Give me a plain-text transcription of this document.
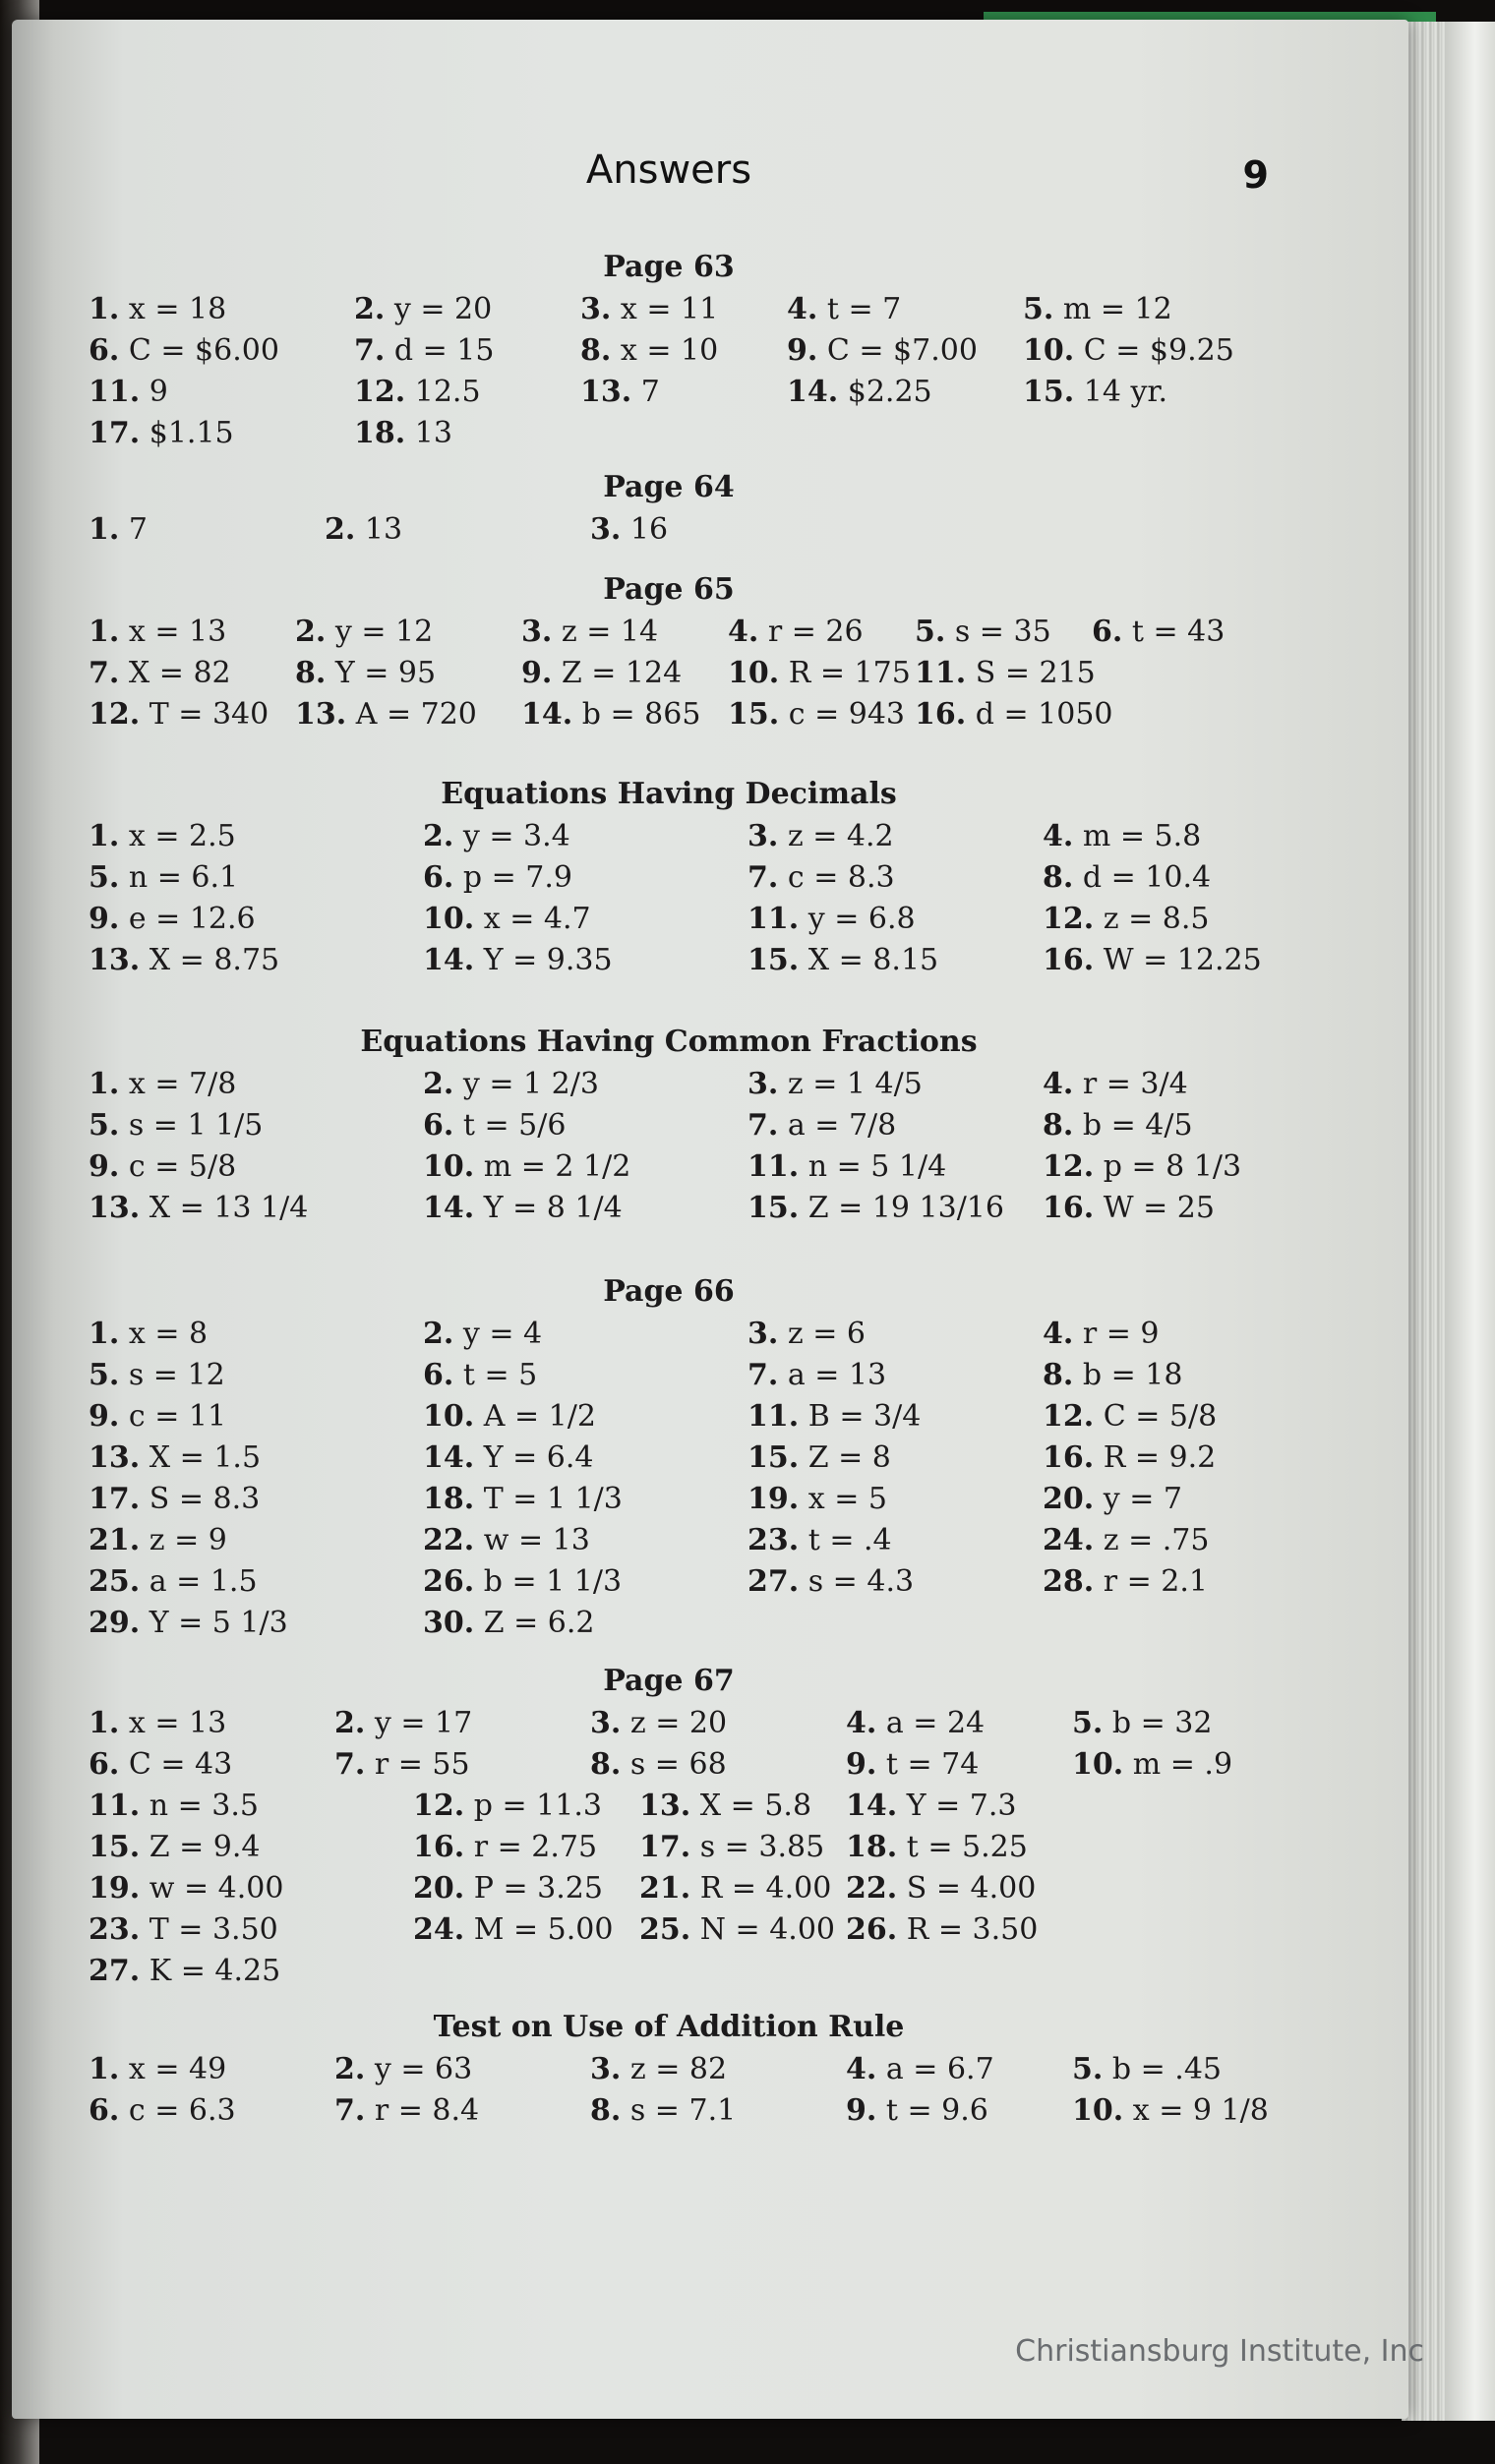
Answers	9
Page 63
1. x = 18	2. y = 20	3. x = 11	4. t = 7	5. m = 12
6. C = $6.00	7. d = 15	8. x = 10	9. C = $7.00	10. C = $9.25
11. 9	12. 12.5	13. 7	14. $2.25	15. 14 yr.
17. $1.15	18. 13
Page 64
1. 7	2. 13	3. 16
Page 65
1. x = 13	2. y = 12	3. z = 14	4. r = 26	5. s = 35	6. t = 43
7. X = 82	8. Y = 95	9. Z = 124	10. R = 175 11. S = 215
12. T = 340 13. A = 720	14. b = 865 15. c = 943 16. d = 1050
Equations Having Decimals
1. x = 2.5	2. y = 3.4	3. z = 4.2	4. m = 5.8
5. n = 6.1	6. p = 7.9	7. c = 8.3	8. d = 10.4
9. e = 12.6	10. x = 4.7	11. y = 6.8	12. z = 8.5
13. X = 8.75	14. Y = 9.35	15. X = 8.15	16. W = 12.25
Equations Having Common Fractions
1. x = 7/8	2. y = 1 2/3	3. z = 1 4/5	4. r = 3/4
5. s = 1 1/5	6. t = 5/6	7. a = 7/8	8. b = 4/5
9. c = 5/8	10. m = 2 1/2	11. n = 5 1/4	12. p = 8 1/3
13. X = 13 1/4	14. Y = 8 1/4	15. Z = 19 13/16	16. W = 25
Page 66
1. x = 8	2. y = 4	3. z = 6	4. r = 9
5. s = 12	6. t = 5	7. a = 13	8. b = 18
9. c = 11	10. A = 1/2	11. B = 3/4	12. C = 5/8
13. X = 1.5	14. Y = 6.4	15. Z = 8	16. R = 9.2
17. S = 8.3	18. T = 1 1/3	19. x = 5	20. y = 7
21. z = 9	22. w = 13	23. t = .4	24. z = .75
25. a = 1.5	26. b = 1 1/3	27. s = 4.3	28. r = 2.1
29. Y = 5 1/3	30. Z = 6.2
Page 67
1. x = 13	2. y = 17	3. z = 20	4. a = 24	5. b = 32
6. C = 43	7. r = 55	8. s = 68	9. t = 74	10. m = .9
11. n = 3.5	12. p = 11.3	13. X = 5.8	14. Y = 7.3
15. Z = 9.4	16. r = 2.75	17. s = 3.85 18. t = 5.25
19. w = 4.00	20. P = 3.25	21. R = 4.00 22. S = 4.00
23. T = 3.50	24. M = 5.00 25. N = 4.00 26. R = 3.50
27. K = 4.25
Test on Use of Addition Rule
1. x = 49	2. y = 63	3. z = 82	4. a = 6.7	5. b = .45
6. c = 6.3	7. r = 8.4	8. s = 7.1	9. t = 9.6	10. x = 9 1/8
Christiansburg Institute, Inc
